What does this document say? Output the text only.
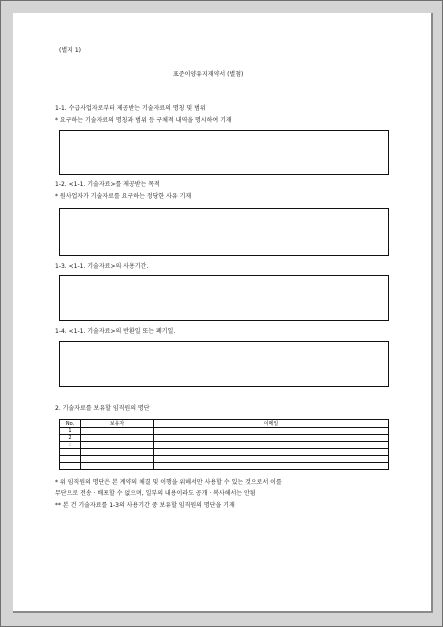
(별지 1)
표준이양유지재약서 (별첨)
1-1. 수급사업자로부터 제공받는 기술자료의 명칭 및 범위
* 요구하는 기술자료의 명칭과 범위 등 구체적 내역을 명시하여 기재
1-2. <1-1. 기술자료>를 제공받는 목적
* 원사업자가 기술자료를 요구하는 정당한 사유 기재
1-3. <1-1. 기술자료>의 사용기간.
1-4. <1-1. 기술자료>의 반환일 또는 폐기일.
2. 기술자료를 보유할 임직원의 명단
No.	보유자	이메일
1		
2		
:		

* 위 임직원의 명단은 본 계약의 체결 및 이행을 위해서만 사용할 수 있는 것으로서 이를
무단으로 전송 · 배포할 수 없으며, 일부의 내용이라도 공개 · 복사해서는 안됨
** 본 건 기술자료를 1-3의 사용기간 중 보유할 임직원의 명단을 기재
